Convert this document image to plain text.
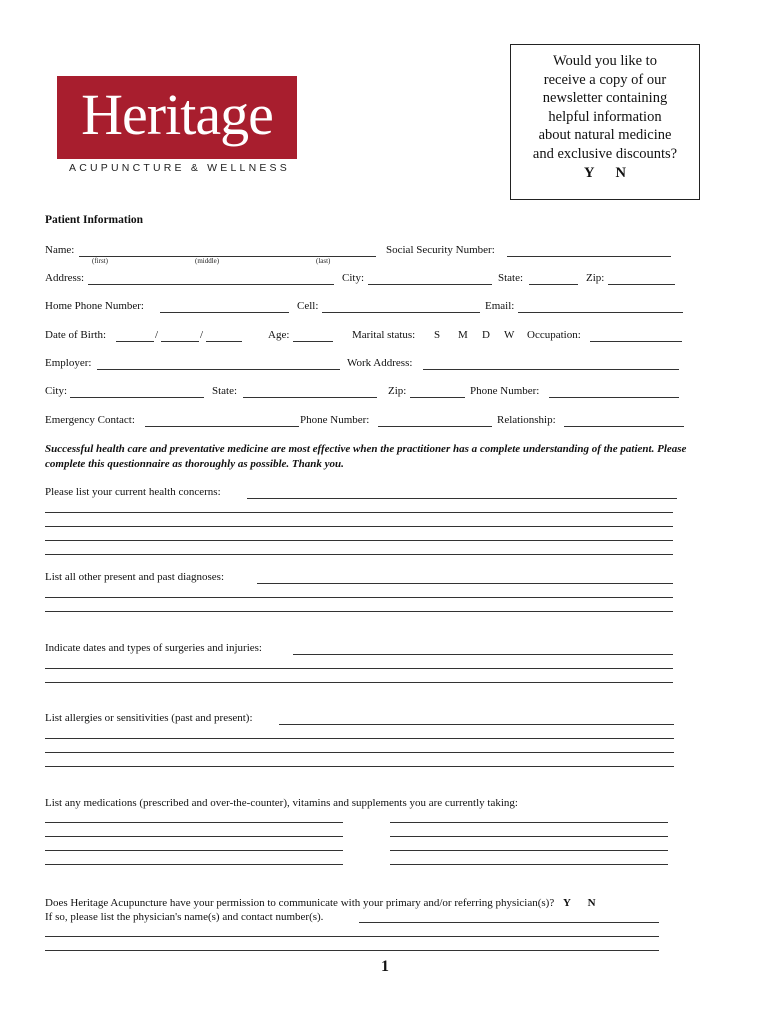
Heritage
ACUPUNCTURE & WELLNESS
Would you like to
receive a copy of our
newsletter containing
helpful information
about natural medicine
and exclusive discounts?
Y N
Patient Information
Name:
(first)	(middle)	(last)
Social Security Number:
Address:	City:	State:	Zip:
Home Phone Number:	Cell:	Email:
Date of Birth:	/	/	Age:	Marital status: S M D W Occupation:
Employer:	Work Address:
City:	State:	Zip:	Phone Number:
Emergency Contact:	Phone Number:	Relationship:
Successful health care and preventative medicine are most effective when the practitioner has a complete understanding of the patient. Please complete this questionnaire as thoroughly as possible. Thank you.
Please list your current health concerns:
List all other present and past diagnoses:
Indicate dates and types of surgeries and injuries:
List allergies or sensitivities (past and present):
List any medications (prescribed and over-the-counter), vitamins and supplements you are currently taking:
Does Heritage Acupuncture have your permission to communicate with your primary and/or referring physician(s)? Y N
If so, please list the physician's name(s) and contact number(s).
1
